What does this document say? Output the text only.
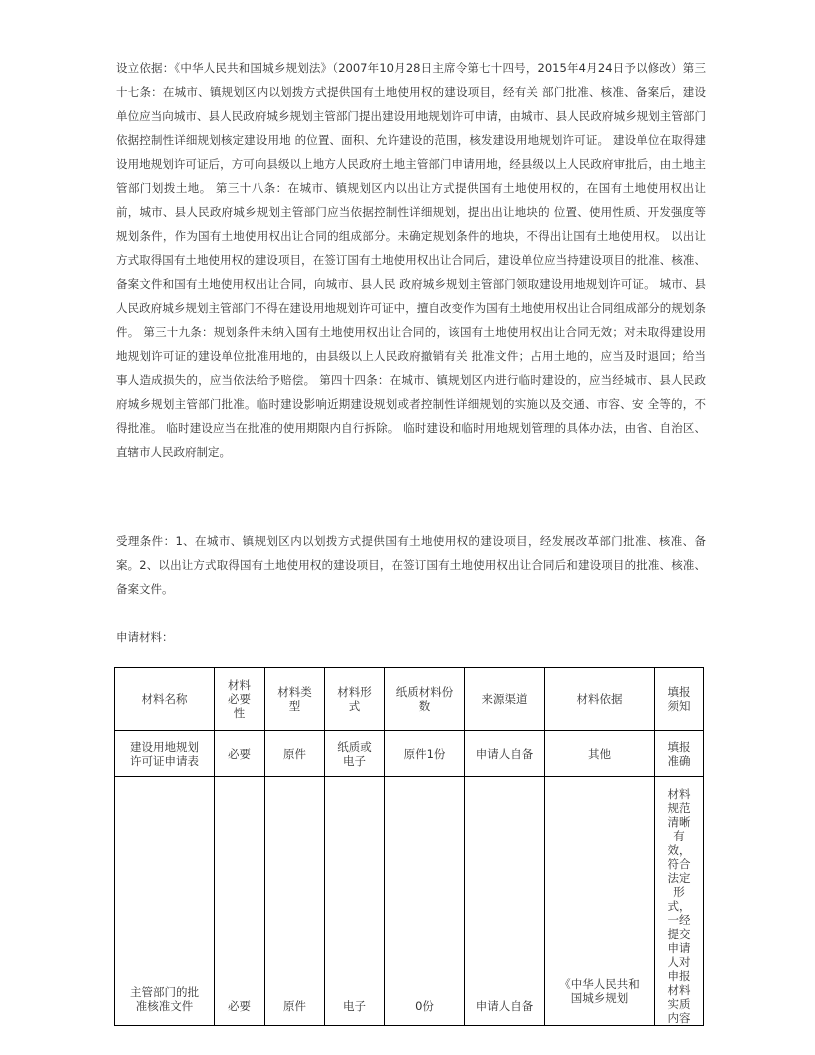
设立依据：《中华人民共和国城乡规划法》（2007年10月28日主席令第七十四号，2015年4月24日予以修改）第三十七条：在城市、镇规划区内以划拨方式提供国有土地使用权的建设项目，经有关 部门批准、核准、备案后，建设单位应当向城市、县人民政府城乡规划主管部门提出建设用地规划许可申请，由城市、县人民政府城乡规划主管部门依据控制性详细规划核定建设用地 的位置、面积、允许建设的范围，核发建设用地规划许可证。 建设单位在取得建设用地规划许可证后，方可向县级以上地方人民政府土地主管部门申请用地，经县级以上人民政府审批后，由土地主管部门划拨土地。 第三十八条：在城市、镇规划区内以出让方式提供国有土地使用权的，在国有土地使用权出让前，城市、县人民政府城乡规划主管部门应当依据控制性详细规划，提出出让地块的 位置、使用性质、开发强度等规划条件，作为国有土地使用权出让合同的组成部分。未确定规划条件的地块，不得出让国有土地使用权。 以出让方式取得国有土地使用权的建设项目，在签订国有土地使用权出让合同后，建设单位应当持建设项目的批准、核准、备案文件和国有土地使用权出让合同，向城市、县人民 政府城乡规划主管部门领取建设用地规划许可证。 城市、县人民政府城乡规划主管部门不得在建设用地规划许可证中，擅自改变作为国有土地使用权出让合同组成部分的规划条件。 第三十九条：规划条件未纳入国有土地使用权出让合同的，该国有土地使用权出让合同无效；对未取得建设用地规划许可证的建设单位批准用地的，由县级以上人民政府撤销有关 批准文件；占用土地的，应当及时退回；给当事人造成损失的，应当依法给予赔偿。 第四十四条：在城市、镇规划区内进行临时建设的，应当经城市、县人民政府城乡规划主管部门批准。临时建设影响近期建设规划或者控制性详细规划的实施以及交通、市容、安 全等的，不得批准。 临时建设应当在批准的使用期限内自行拆除。 临时建设和临时用地规划管理的具体办法，由省、自治区、直辖市人民政府制定。

受理条件：1、在城市、镇规划区内以划拨方式提供国有土地使用权的建设项目，经发展改革部门批准、核准、备案。2、以出让方式取得国有土地使用权的建设项目，在签订国有土地使用权出让合同后和建设项目的批准、核准、备案文件。

申请材料：

材料名称	材料必要性	材料类型	材料形式	纸质材料份数	来源渠道	材料依据	填报须知
建设用地规划许可证申请表	必要	原件	纸质或电子	原件1份	申请人自备	其他	填报准确
主管部门的批准核准文件	必要	原件	电子	0份	申请人自备	《中华人民共和国城乡规划	材料规范清晰有效，符合法定形式，一经提交申请人对申报材料实质内容
